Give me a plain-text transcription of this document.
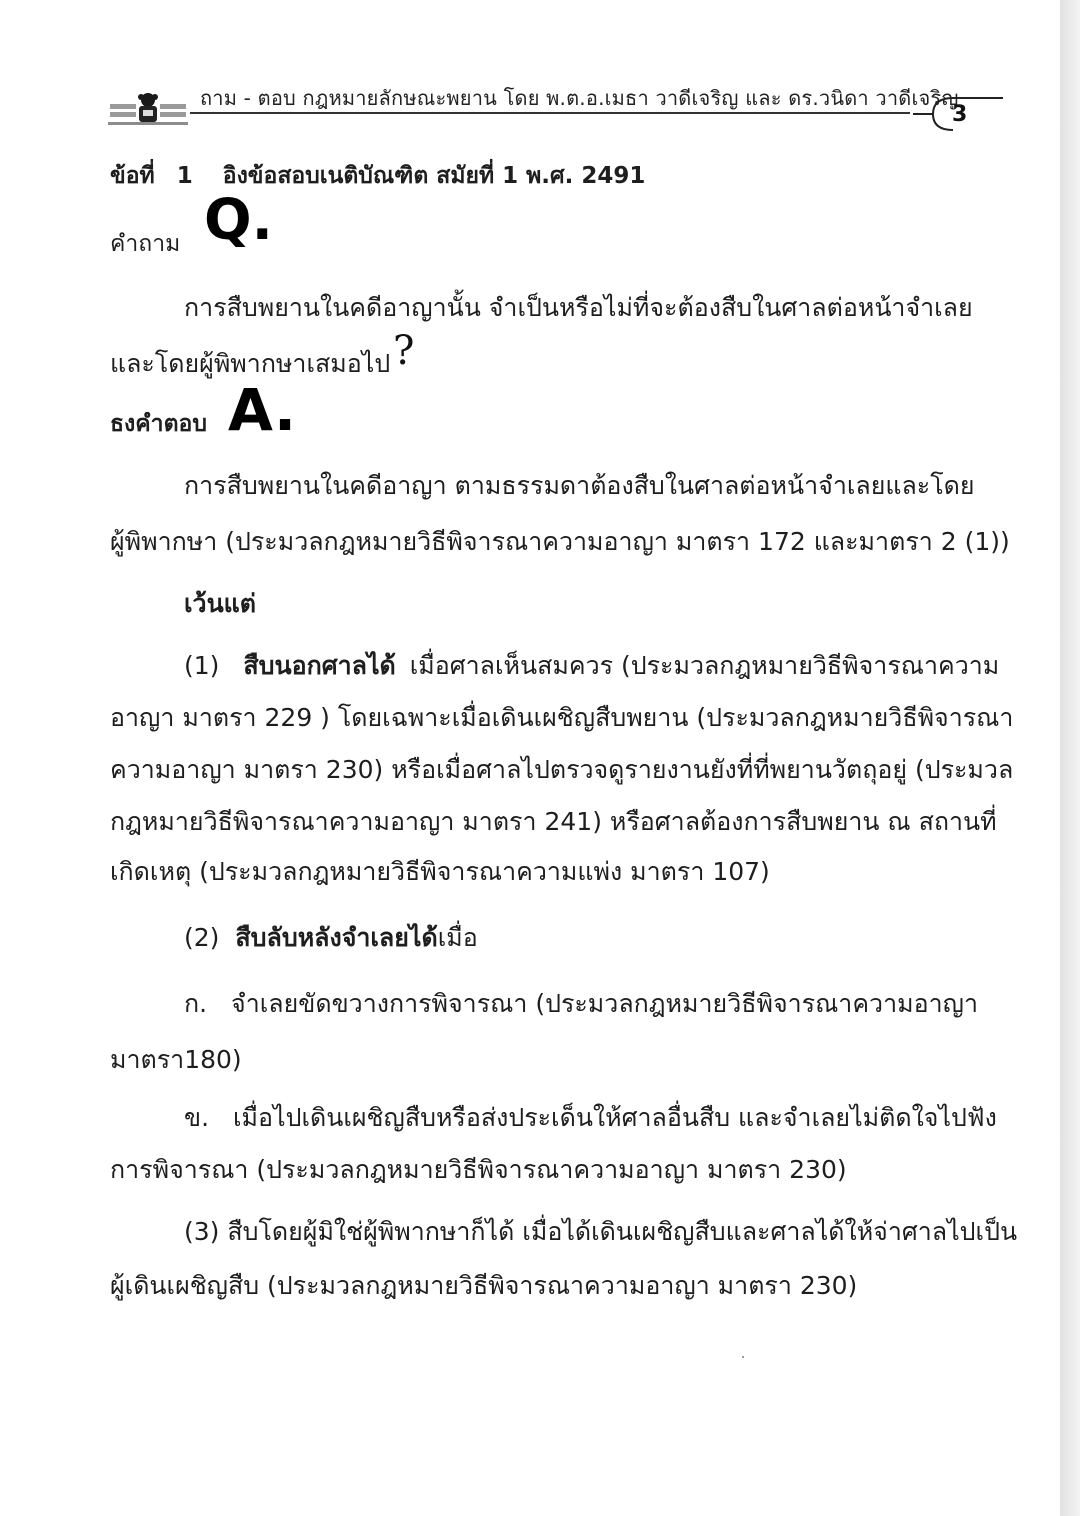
ถาม - ตอบ กฎหมายลักษณะพยาน โดย พ.ต.อ.เมธา วาดีเจริญ และ ดร.วนิดา วาดีเจริญ
3
ข้อที่ 1 อิงข้อสอบเนติบัณฑิต สมัยที่ 1 พ.ศ. 2491
คำถาม Q.
การสืบพยานในคดีอาญานั้น จำเป็นหรือไม่ที่จะต้องสืบในศาลต่อหน้าจำเลย
และโดยผู้พิพากษาเสมอไป ?
ธงคำตอบ A.
การสืบพยานในคดีอาญา ตามธรรมดาต้องสืบในศาลต่อหน้าจำเลยและโดย
ผู้พิพากษา (ประมวลกฎหมายวิธีพิจารณาความอาญา มาตรา 172 และมาตรา 2 (1))
เว้นแต่
(1) สืบนอกศาลได้ เมื่อศาลเห็นสมควร (ประมวลกฎหมายวิธีพิจารณาความ
อาญา มาตรา 229 ) โดยเฉพาะเมื่อเดินเผชิญสืบพยาน (ประมวลกฎหมายวิธีพิจารณา
ความอาญา มาตรา 230) หรือเมื่อศาลไปตรวจดูรายงานยังที่ที่พยานวัตถุอยู่ (ประมวล
กฎหมายวิธีพิจารณาความอาญา มาตรา 241) หรือศาลต้องการสืบพยาน ณ สถานที่
เกิดเหตุ (ประมวลกฎหมายวิธีพิจารณาความแพ่ง มาตรา 107)
(2) สืบลับหลังจำเลยได้เมื่อ
ก. จำเลยขัดขวางการพิจารณา (ประมวลกฎหมายวิธีพิจารณาความอาญา
มาตรา180)
ข. เมื่อไปเดินเผชิญสืบหรือส่งประเด็นให้ศาลอื่นสืบ และจำเลยไม่ติดใจไปฟัง
การพิจารณา (ประมวลกฎหมายวิธีพิจารณาความอาญา มาตรา 230)
(3) สืบโดยผู้มิใช่ผู้พิพากษาก็ได้ เมื่อได้เดินเผชิญสืบและศาลได้ให้จ่าศาลไปเป็น
ผู้เดินเผชิญสืบ (ประมวลกฎหมายวิธีพิจารณาความอาญา มาตรา 230)
